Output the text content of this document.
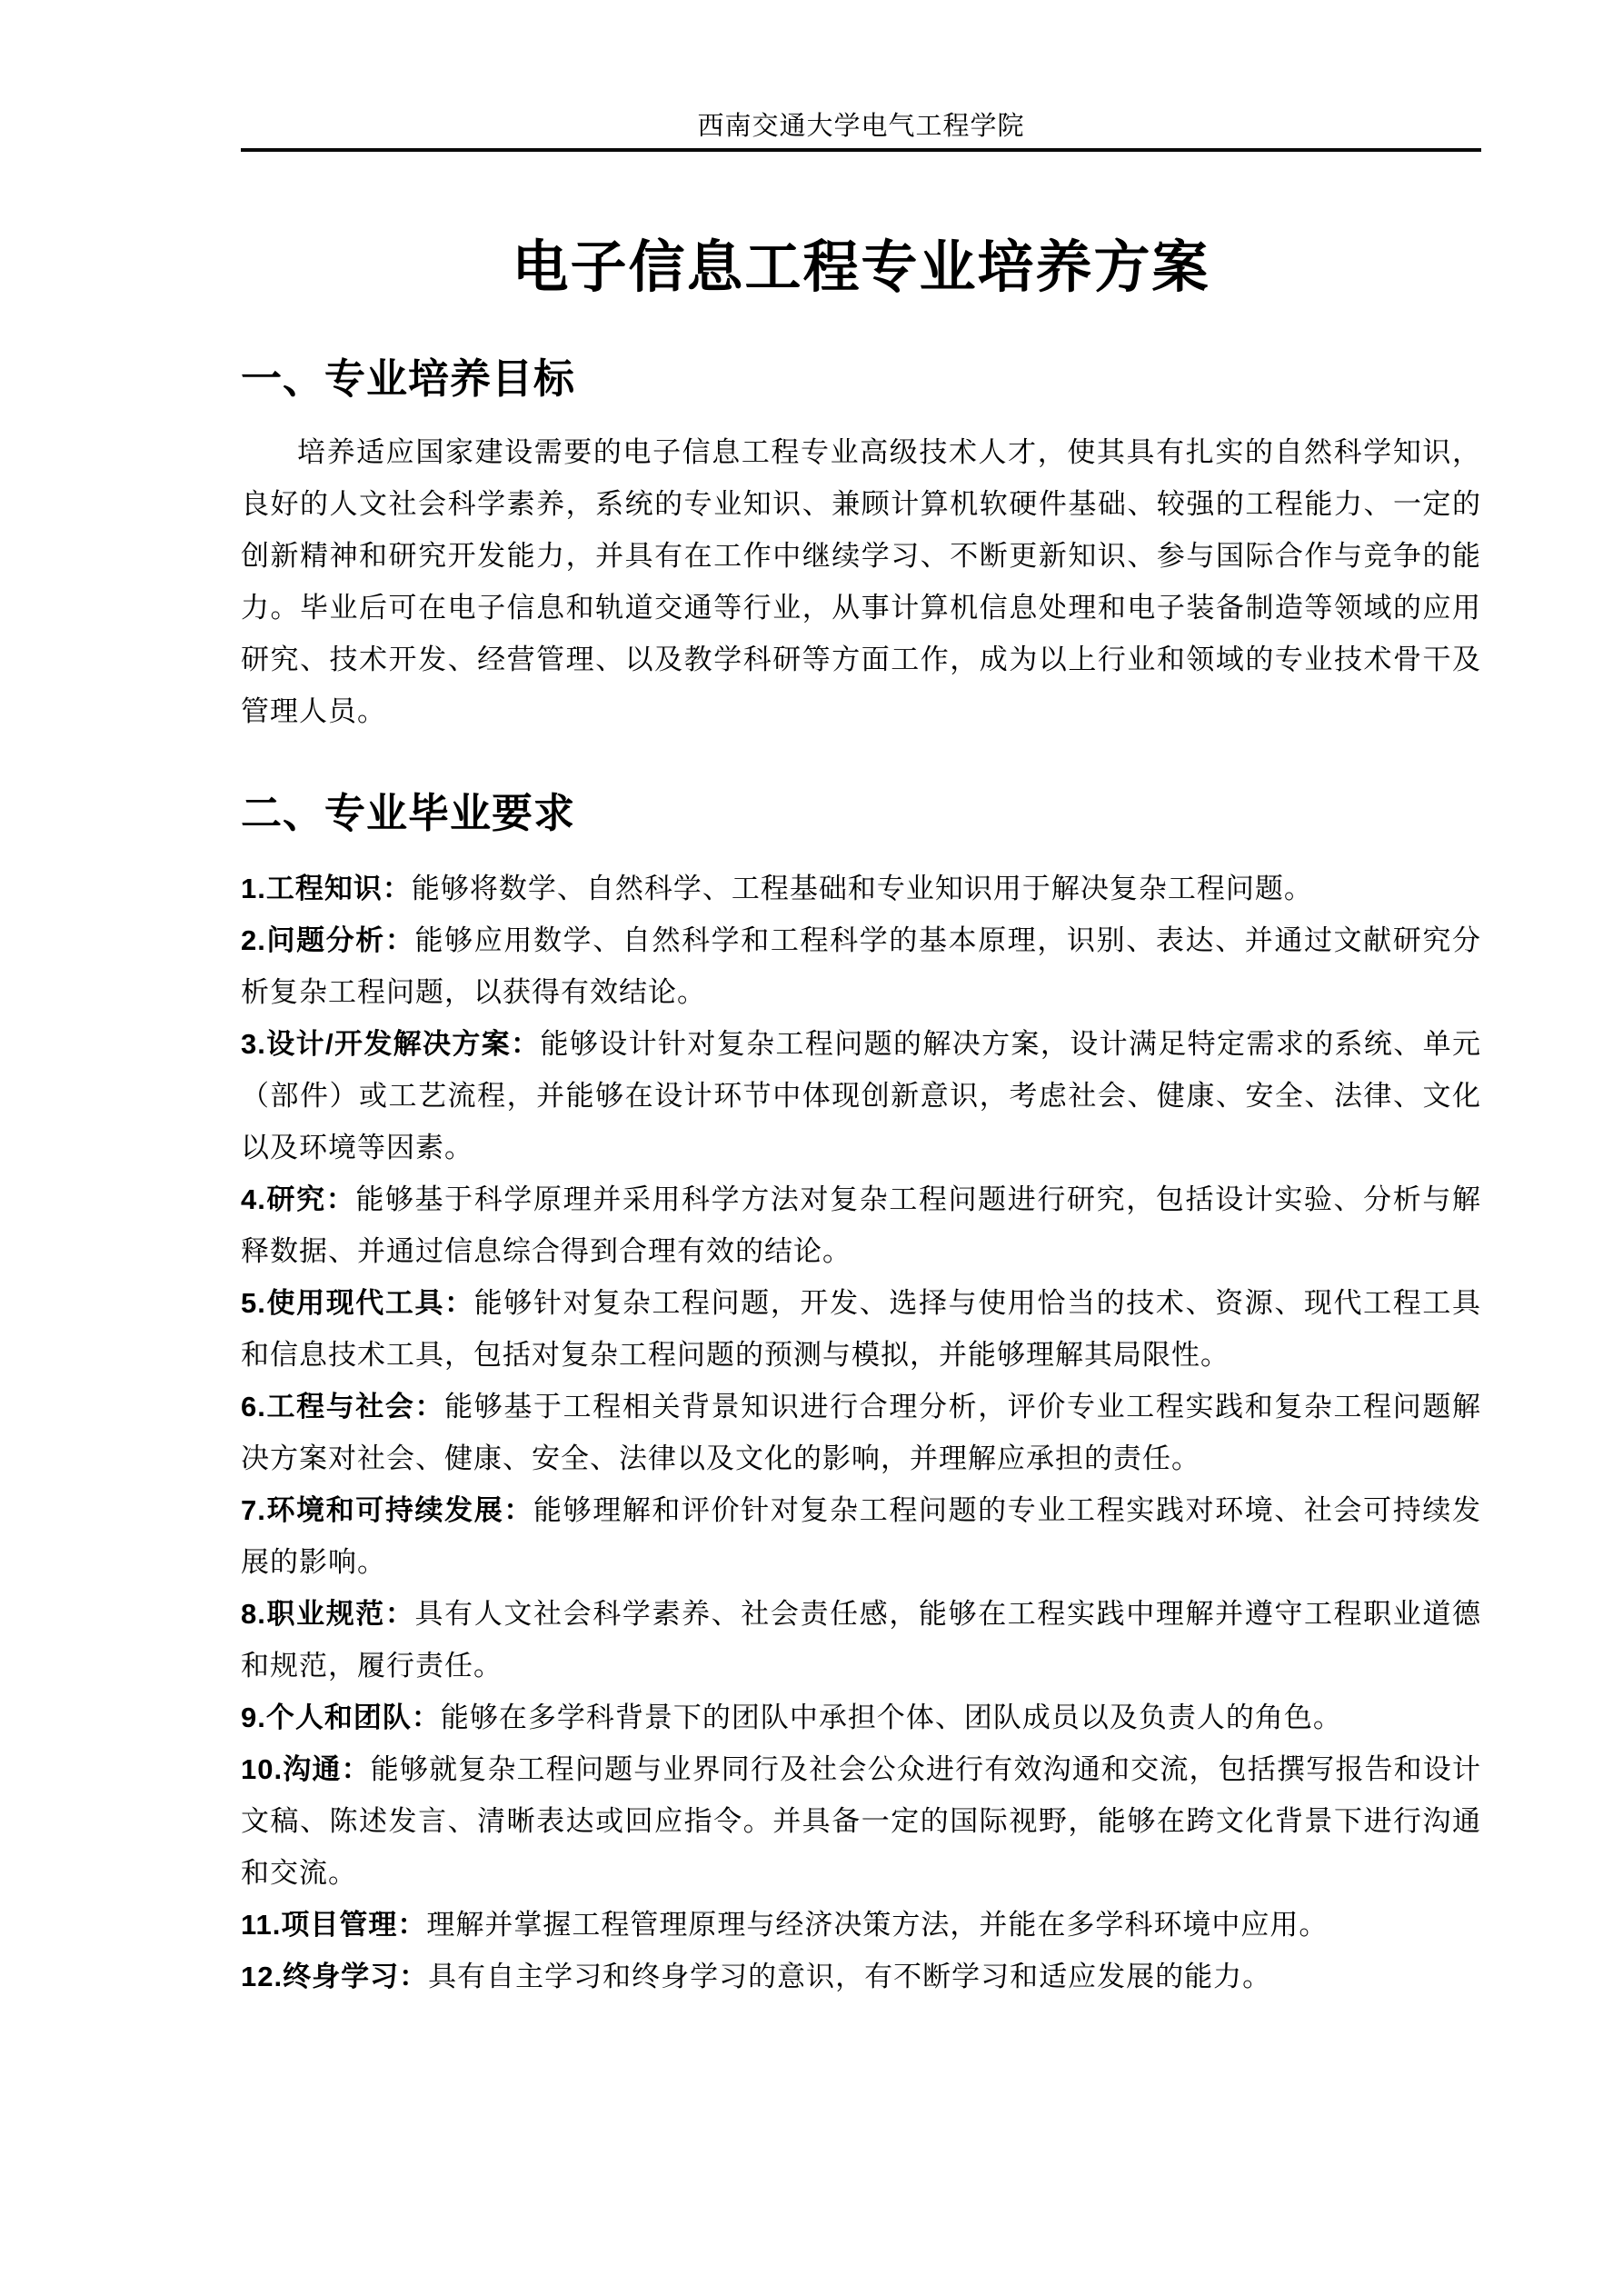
西南交通大学电气工程学院
电子信息工程专业培养方案
一、专业培养目标

培养适应国家建设需要的电子信息工程专业高级技术人才，使其具有扎实的自然科学知识，良好的人文社会科学素养，系统的专业知识、兼顾计算机软硬件基础、较强的工程能力、一定的创新精神和研究开发能力，并具有在工作中继续学习、不断更新知识、参与国际合作与竞争的能力。毕业后可在电子信息和轨道交通等行业，从事计算机信息处理和电子装备制造等领域的应用研究、技术开发、经营管理、以及教学科研等方面工作，成为以上行业和领域的专业技术骨干及管理人员。

二、专业毕业要求

1.工程知识：能够将数学、自然科学、工程基础和专业知识用于解决复杂工程问题。

2.问题分析：能够应用数学、自然科学和工程科学的基本原理，识别、表达、并通过文献研究分析复杂工程问题，以获得有效结论。

3.设计/开发解决方案：能够设计针对复杂工程问题的解决方案，设计满足特定需求的系统、单元（部件）或工艺流程，并能够在设计环节中体现创新意识，考虑社会、健康、安全、法律、文化以及环境等因素。

4.研究：能够基于科学原理并采用科学方法对复杂工程问题进行研究，包括设计实验、分析与解释数据、并通过信息综合得到合理有效的结论。

5.使用现代工具：能够针对复杂工程问题，开发、选择与使用恰当的技术、资源、现代工程工具和信息技术工具，包括对复杂工程问题的预测与模拟，并能够理解其局限性。

6.工程与社会：能够基于工程相关背景知识进行合理分析，评价专业工程实践和复杂工程问题解决方案对社会、健康、安全、法律以及文化的影响，并理解应承担的责任。

7.环境和可持续发展：能够理解和评价针对复杂工程问题的专业工程实践对环境、社会可持续发展的影响。

8.职业规范：具有人文社会科学素养、社会责任感，能够在工程实践中理解并遵守工程职业道德和规范，履行责任。

9.个人和团队：能够在多学科背景下的团队中承担个体、团队成员以及负责人的角色。

10.沟通：能够就复杂工程问题与业界同行及社会公众进行有效沟通和交流，包括撰写报告和设计文稿、陈述发言、清晰表达或回应指令。并具备一定的国际视野，能够在跨文化背景下进行沟通和交流。

11.项目管理：理解并掌握工程管理原理与经济决策方法，并能在多学科环境中应用。

12.终身学习：具有自主学习和终身学习的意识，有不断学习和适应发展的能力。
